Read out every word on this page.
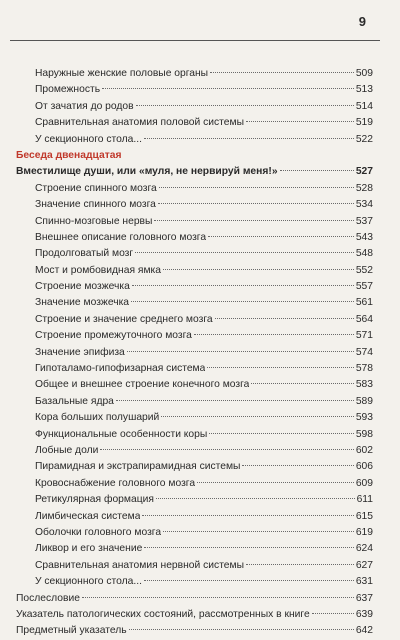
9
Наружные женские половые органы	509
Промежность	513
От зачатия до родов	514
Сравнительная анатомия половой системы	519
У секционного стола...	522
Беседа двенадцатая
Вместилище души, или «муля, не нервируй меня!»	527
Строение спинного мозга	528
Значение спинного мозга	534
Спинно-мозговые нервы	537
Внешнее описание головного мозга	543
Продолговатый мозг	548
Мост и ромбовидная ямка	552
Строение мозжечка	557
Значение мозжечка	561
Строение и значение среднего мозга	564
Строение промежуточного мозга	571
Значение эпифиза	574
Гипоталамо-гипофизарная система	578
Общее и внешнее строение конечного мозга	583
Базальные ядра	589
Кора больших полушарий	593
Функциональные особенности коры	598
Лобные доли	602
Пирамидная и экстрапирамидная системы	606
Кровоснабжение головного мозга	609
Ретикулярная формация	611
Лимбическая система	615
Оболочки головного мозга	619
Ликвор и его значение	624
Сравнительная анатомия нервной системы	627
У секционного стола...	631
Послесловие	637
Указатель патологических состояний, рассмотренных в книге	639
Предметный указатель	642
